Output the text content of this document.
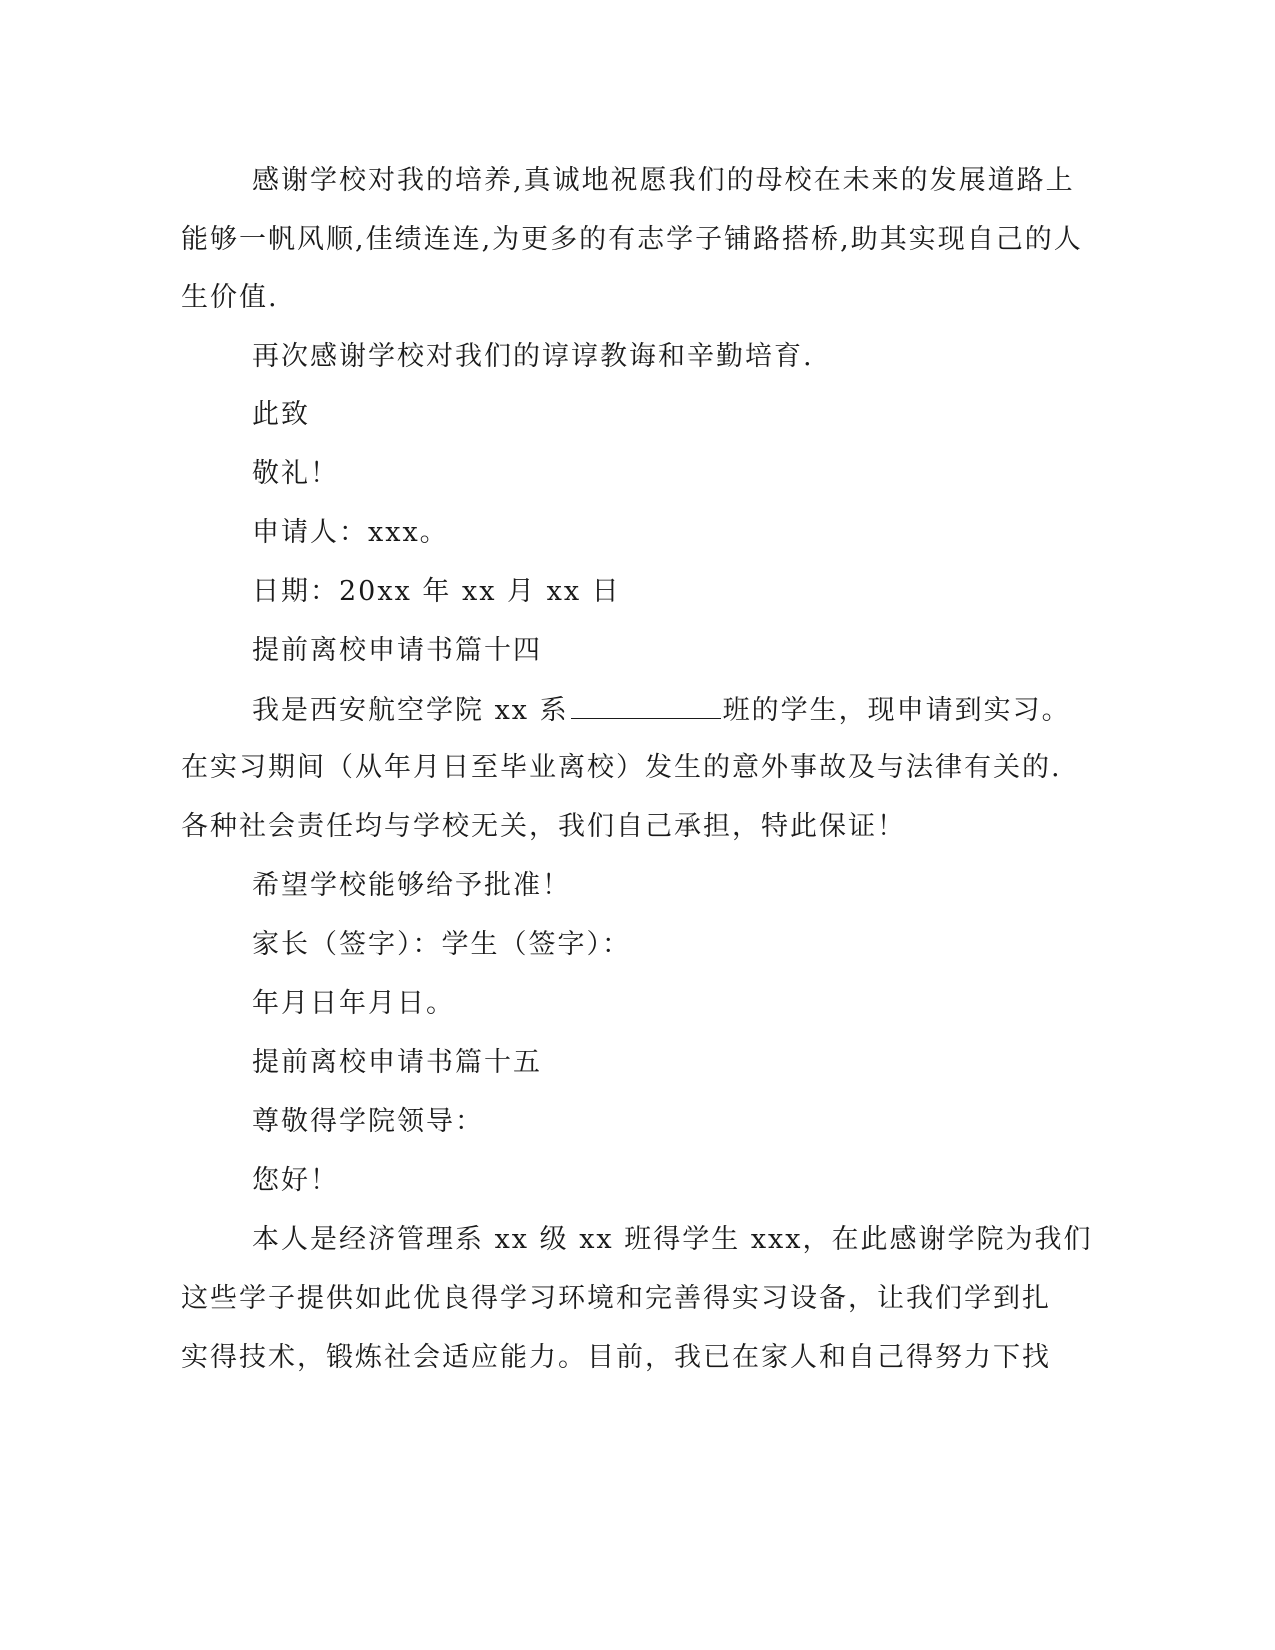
感谢学校对我的培养,真诚地祝愿我们的母校在未来的发展道路上

能够一帆风顺,佳绩连连,为更多的有志学子铺路搭桥,助其实现自己的人

生价值.

再次感谢学校对我们的谆谆教诲和辛勤培育.

此致

敬礼！

申请人：xxx。

日期：20xx 年 xx 月 xx 日

提前离校申请书篇十四

我是西安航空学院 xx 系	班的学生，现申请到实习。

在实习期间（从年月日至毕业离校）发生的意外事故及与法律有关的.

各种社会责任均与学校无关，我们自己承担，特此保证！

希望学校能够给予批准！

家长（签字）：学生（签字）：

年月日年月日。

提前离校申请书篇十五

尊敬得学院领导：

您好！

本人是经济管理系 xx 级 xx 班得学生 xxx，在此感谢学院为我们

这些学子提供如此优良得学习环境和完善得实习设备，让我们学到扎

实得技术，锻炼社会适应能力。目前，我已在家人和自己得努力下找
